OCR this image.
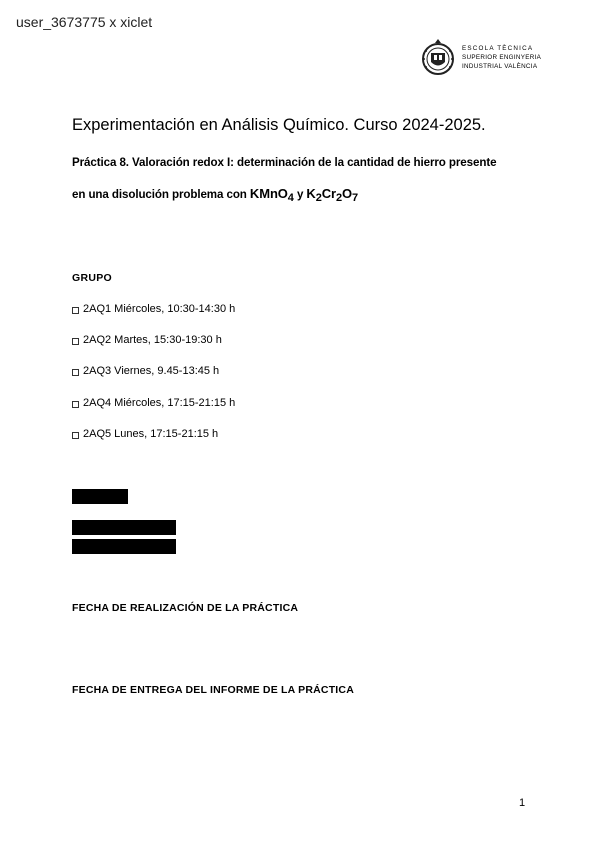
user_3673775 x xiclet
ESCOLA TÈCNICA
SUPERIOR ENGINYERIA
INDUSTRIAL VALÈNCIA
Experimentación en Análisis Químico. Curso 2024-2025.
Práctica 8. Valoración redox I: determinación de la cantidad de hierro presente
en una disolución problema con KMnO$_4$ y $K_2Cr_2O_7$
GRUPO
2AQ1 Miércoles, 10:30-14:30 h
2AQ2 Martes, 15:30-19:30 h
2AQ3 Viernes, 9.45-13:45 h
2AQ4 Miércoles, 17:15-21:15 h
2AQ5 Lunes, 17:15-21:15 h
FECHA DE REALIZACIÓN DE LA PRÁCTICA
FECHA DE ENTREGA DEL INFORME DE LA PRÁCTICA
1
